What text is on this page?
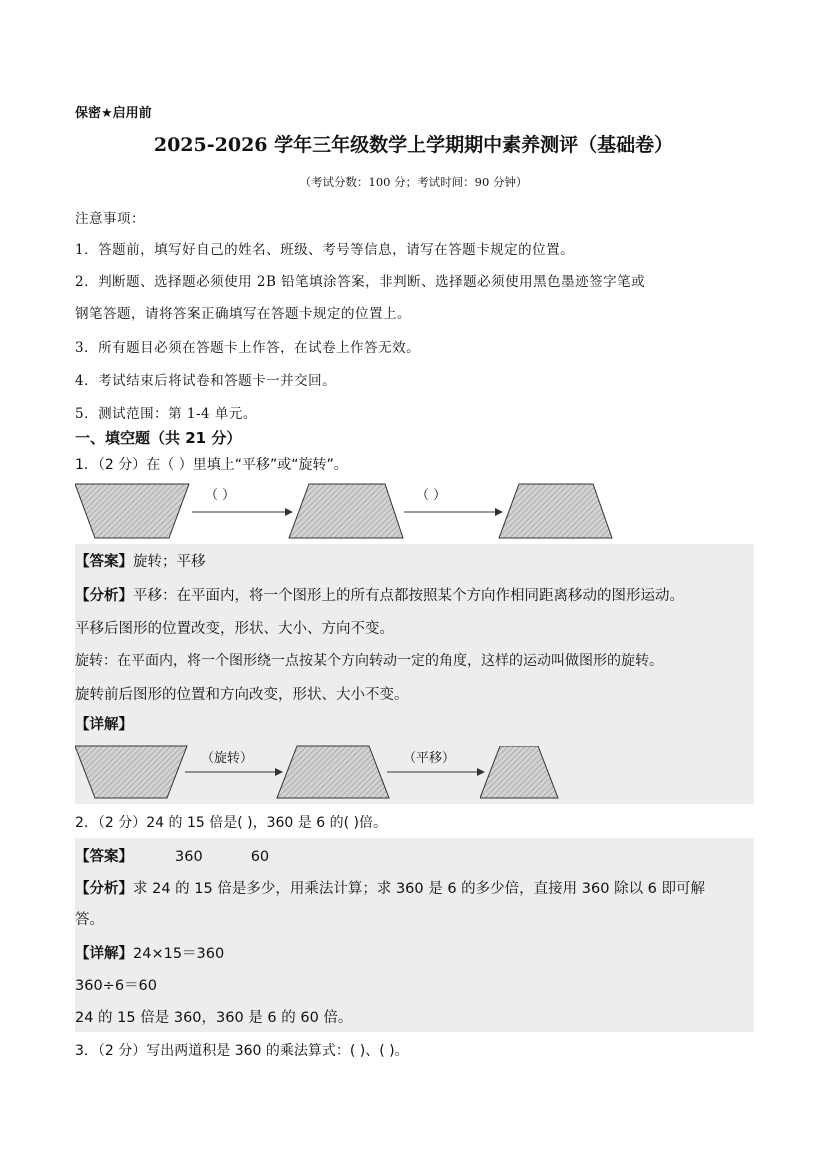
保密★启用前
2025-2026 学年三年级数学上学期期中素养测评（基础卷）
（考试分数：100 分；考试时间：90 分钟）
注意事项：
1．答题前，填写好自己的姓名、班级、考号等信息，请写在答题卡规定的位置。
2．判断题、选择题必须使用 2B 铅笔填涂答案，非判断、选择题必须使用黑色墨迹签字笔或
钢笔答题，请将答案正确填写在答题卡规定的位置上。
3．所有题目必须在答题卡上作答，在试卷上作答无效。
4．考试结束后将试卷和答题卡一并交回。
5．测试范围：第 1-4 单元。
一、填空题（共 21 分）
1．（2 分）在（ ）里填上“平移”或“旋转”。
（ ）	（ ）
【答案】旋转；平移
【分析】平移：在平面内，将一个图形上的所有点都按照某个方向作相同距离移动的图形运动。
平移后图形的位置改变，形状、大小、方向不变。
旋转：在平面内，将一个图形绕一点按某个方向转动一定的角度，这样的运动叫做图形的旋转。
旋转前后图形的位置和方向改变，形状、大小不变。
【详解】
（旋转）	（平移）
2．（2 分）24 的 15 倍是( )，360 是 6 的( )倍。
【答案】	360	60
【分析】求 24 的 15 倍是多少，用乘法计算；求 360 是 6 的多少倍，直接用 360 除以 6 即可解
答。
【详解】24×15＝360
360÷6＝60
24 的 15 倍是 360，360 是 6 的 60 倍。
3．（2 分）写出两道积是 360 的乘法算式：( )、( )。
